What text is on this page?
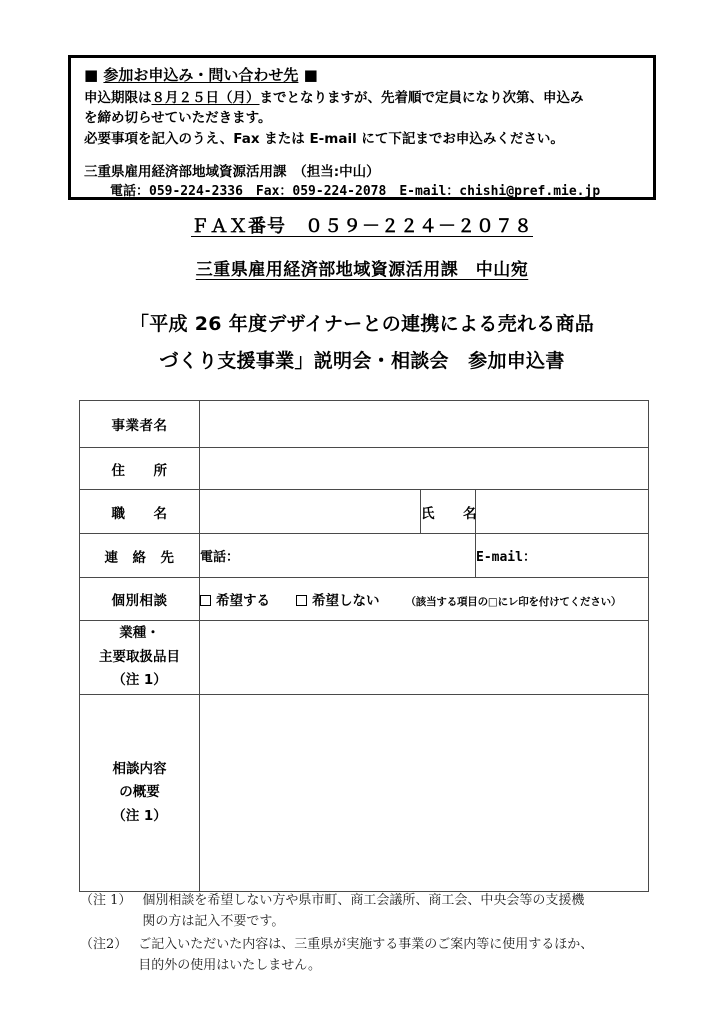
■ 参加お申込み・問い合わせ先 ■
申込期限は８月２５日（月）までとなりますが、先着順で定員になり次第、申込み
を締め切らせていただきます。
必要事項を記入のうえ、Fax または E-mail にて下記までお申込みください。
三重県雇用経済部地域資源活用課　（担当:中山）
電話：059-224-2336　Fax：059-224-2078　E-mail：chishi@pref.mie.jp
ＦＡＸ番号　０５９－２２４－２０７８
三重県雇用経済部地域資源活用課　中山宛
「平成 26 年度デザイナーとの連携による売れる商品
づくり支援事業」説明会・相談会　参加申込書
事業者名			
住　　所			
職　　名		氏　　名	
連　絡　先	電話：		E-mail：
個別相談	希望する 希望しない （該当する項目の□にレ印を付けてください）		

業種・
主要取扱品目
（注 1）			

相談内容
の概要
（注 1）			

（注 1） 個別相談を希望しない方や県市町、商工会議所、商工会、中央会等の支援機
関の方は記入不要です。
（注2） ご記入いただいた内容は、三重県が実施する事業のご案内等に使用するほか、
目的外の使用はいたしません。
